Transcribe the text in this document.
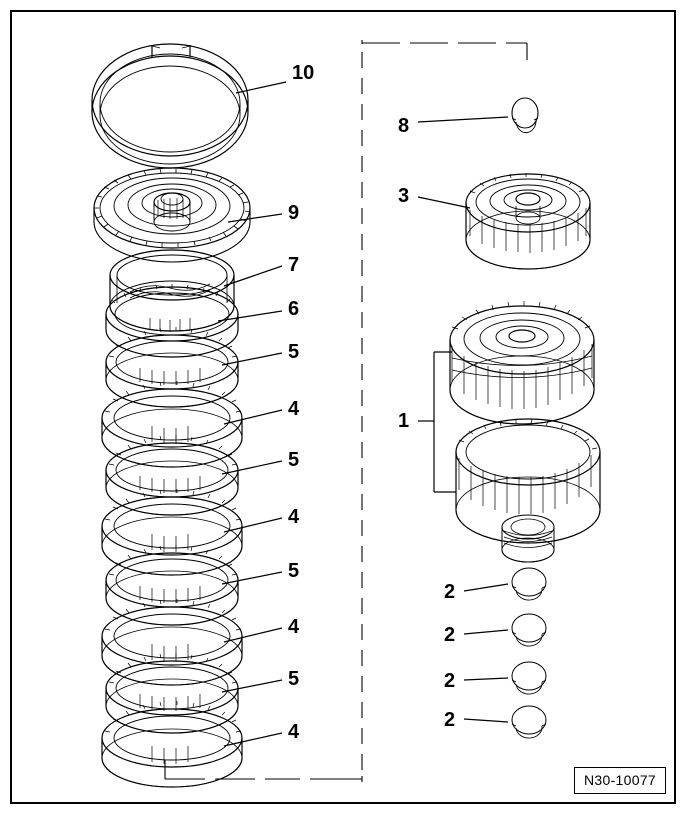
10
9
7
6
5
4
5
4
5
4
5
4
8
3
1
2
2
2
2
N30-10077
